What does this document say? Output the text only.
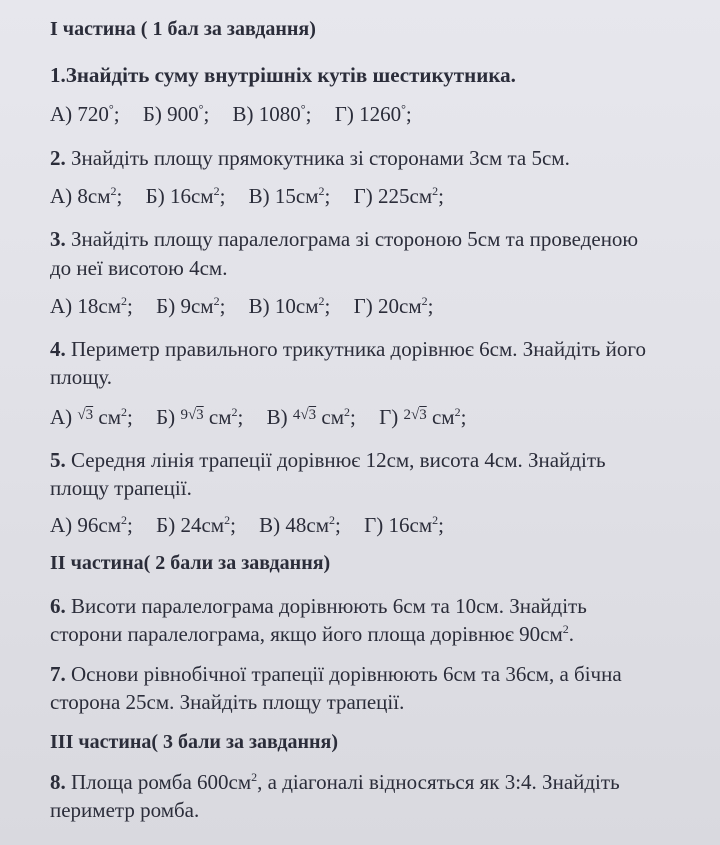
I частина ( 1 бал за завдання)
1.Знайдіть суму внутрішніх кутів шестикутника.
А) 720°; Б) 900°; В) 1080°; Г) 1260°;
2. Знайдіть площу прямокутника зі сторонами 3см та 5см.
А) $8см^2$; Б) $16см^2$; В) $15см^2$; Г) $225см^2$;
3. Знайдіть площу паралелограма зі стороною 5см та проведеною
до неї висотою 4см.
А) $18см^2$; Б) $9см^2$; В) $10см^2$; Г) $20см^2$;
4. Периметр правильного трикутника дорівнює 6см. Знайдіть його
площу.
А) $^{√3}$ $см^2$; Б) $^{9√3}$ $см^2$; В) $^{4√3}$ $см^2$; Г) $^{2√3}$ $см^2$;
5. Середня лінія трапеції дорівнює 12см, висота 4см. Знайдіть
площу трапеції.
А) $96см^2$; Б) $24см^2$; В) $48см^2$; Г) $16см^2$;
II частина( 2 бали за завдання)
6. Висоти паралелограма дорівнюють 6см та 10см. Знайдіть
сторони паралелограма, якщо його площа дорівнює $90см^2$.
7. Основи рівнобічної трапеції дорівнюють 6см та 36см, а бічна
сторона 25см. Знайдіть площу трапеції.
III частина( 3 бали за завдання)
8. Площа ромба $600см^2$, а діагоналі відносяться як 3:4. Знайдіть
периметр ромба.
